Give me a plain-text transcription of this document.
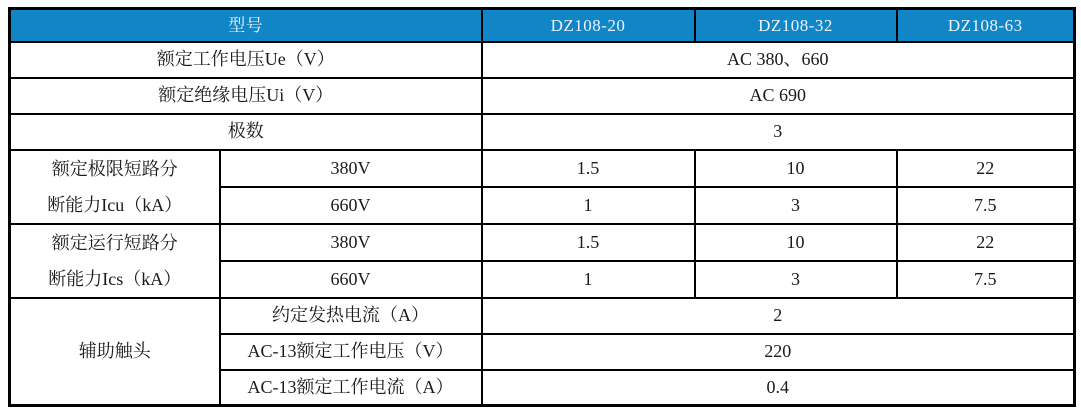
型号		DZ108-20	DZ108-32	DZ108-63
额定工作电压Ue（V）		AC 380、660		
额定绝缘电压Ui（V）		AC 690		
极数		3		

额定极限短路分
断能力Icu（kA）	380V	1.5	10	22
	660V	1	3	7.5

额定运行短路分
断能力Ics（kA）	380V	1.5	10	22
	660V	1	3	7.5
辅助触头	约定发热电流（A）	2		
	AC-13额定工作电压（V）	220		
	AC-13额定工作电流（A）	0.4		
